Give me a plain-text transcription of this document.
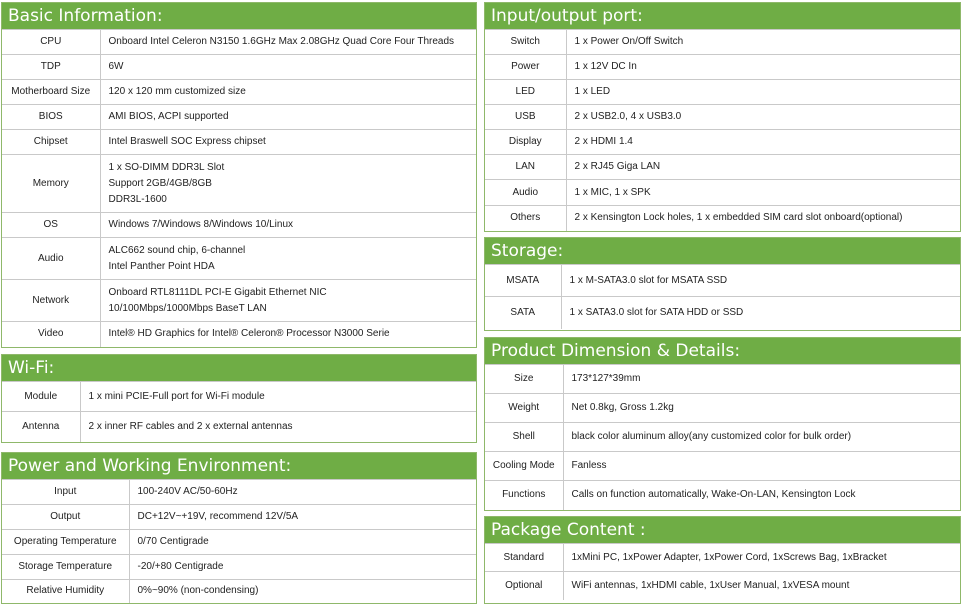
Basic Information:
CPU	Onboard Intel Celeron N3150 1.6GHz Max 2.08GHz Quad Core Four Threads

TDP	6W

Motherboard Size	120 x 120 mm customized size

BIOS	AMI BIOS, ACPI supported

Chipset	Intel Braswell SOC Express chipset

Memory	1 x SO-DIMM DDR3L Slot
Support 2GB/4GB/8GB
DDR3L-1600

OS	Windows 7/Windows 8/Windows 10/Linux

Audio	ALC662 sound chip, 6-channel
Intel Panther Point HDA

Network	Onboard RTL8111DL PCI-E Gigabit Ethernet NIC
10/100Mbps/1000Mbps BaseT LAN

Video	Intel® HD Graphics for Intel® Celeron® Processor N3000 Serie
Wi-Fi:
Module	1 x mini PCIE-Full port for Wi-Fi module

Antenna	2 x inner RF cables and 2 x external antennas
Power and Working Environment:
Input	100-240V AC/50-60Hz

Output	DC+12V~+19V, recommend 12V/5A

Operating Temperature	0/70 Centigrade

Storage Temperature	-20/+80 Centigrade

Relative Humidity	0%~90% (non-condensing)
Input/output port:
Switch	1 x Power On/Off Switch

Power	1 x 12V DC In

LED	1 x LED

USB	2 x USB2.0, 4 x USB3.0

Display	2 x HDMI 1.4

LAN	2 x RJ45 Giga LAN

Audio	1 x MIC, 1 x SPK

Others	2 x Kensington Lock holes, 1 x embedded SIM card slot onboard(optional)
Storage:
MSATA	1 x M-SATA3.0 slot for MSATA SSD

SATA	1 x SATA3.0 slot for SATA HDD or SSD
Product Dimension & Details:
Size	173*127*39mm

Weight	Net 0.8kg, Gross 1.2kg

Shell	black color aluminum alloy(any customized color for bulk order)

Cooling Mode	Fanless

Functions	Calls on function automatically, Wake-On-LAN, Kensington Lock
Package Content :
Standard	1xMini PC, 1xPower Adapter, 1xPower Cord, 1xScrews Bag, 1xBracket

Optional	WiFi antennas, 1xHDMI cable, 1xUser Manual, 1xVESA mount
